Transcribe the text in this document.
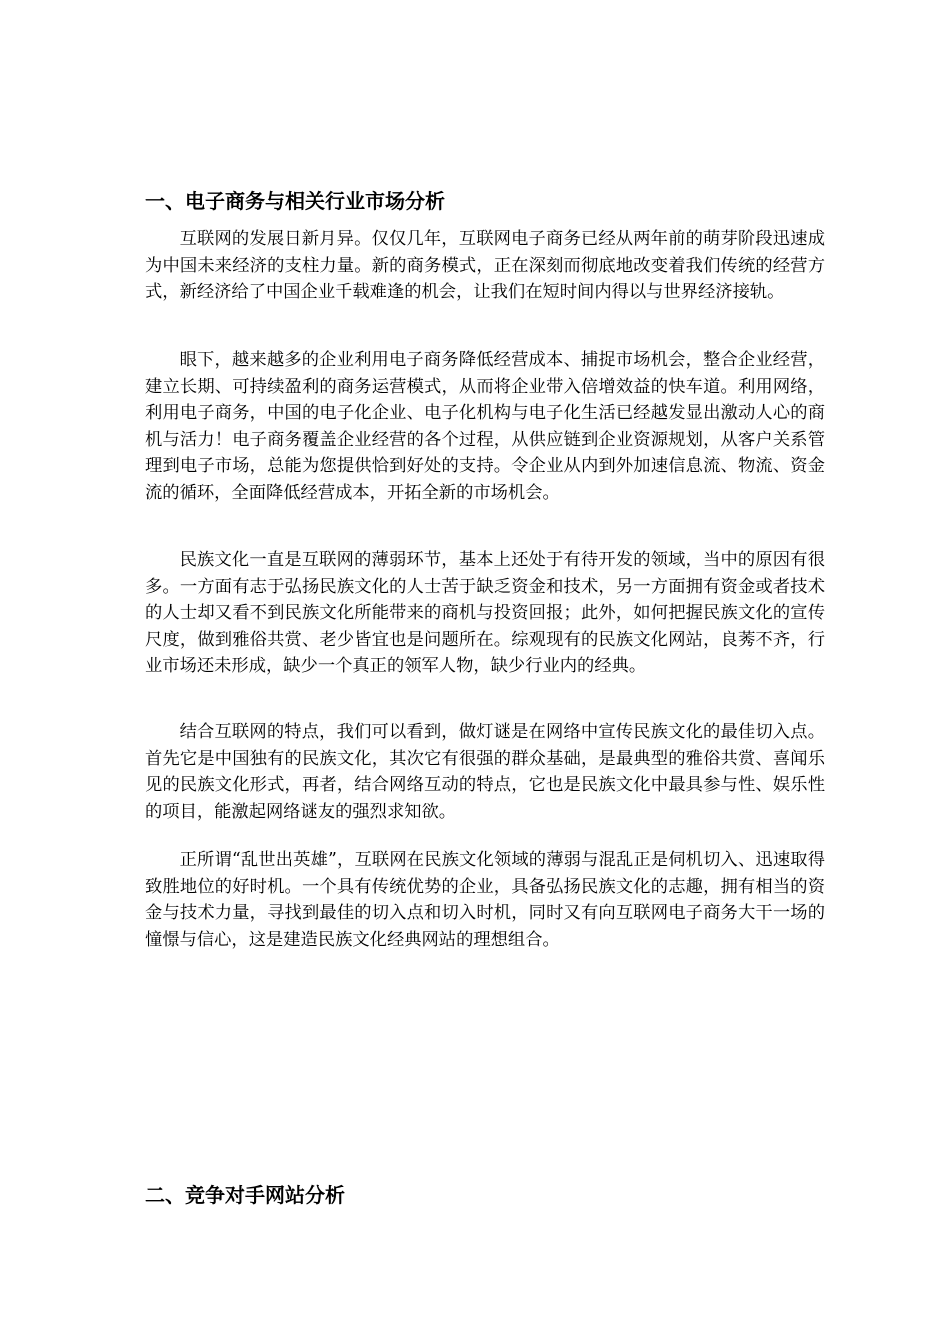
一、电子商务与相关行业市场分析

互联网的发展日新月异。仅仅几年，互联网电子商务已经从两年前的萌芽阶段迅速成为中国未来经济的支柱力量。新的商务模式，正在深刻而彻底地改变着我们传统的经营方式，新经济给了中国企业千载难逢的机会，让我们在短时间内得以与世界经济接轨。

眼下，越来越多的企业利用电子商务降低经营成本、捕捉市场机会，整合企业经营，建立长期、可持续盈利的商务运营模式，从而将企业带入倍增效益的快车道。利用网络，利用电子商务，中国的电子化企业、电子化机构与电子化生活已经越发显出激动人心的商机与活力！电子商务覆盖企业经营的各个过程，从供应链到企业资源规划，从客户关系管理到电子市场，总能为您提供恰到好处的支持。令企业从内到外加速信息流、物流、资金流的循环，全面降低经营成本，开拓全新的市场机会。

民族文化一直是互联网的薄弱环节，基本上还处于有待开发的领域，当中的原因有很多。一方面有志于弘扬民族文化的人士苦于缺乏资金和技术，另一方面拥有资金或者技术的人士却又看不到民族文化所能带来的商机与投资回报；此外，如何把握民族文化的宣传尺度，做到雅俗共赏、老少皆宜也是问题所在。综观现有的民族文化网站，良莠不齐，行业市场还未形成，缺少一个真正的领军人物，缺少行业内的经典。

结合互联网的特点，我们可以看到，做灯谜是在网络中宣传民族文化的最佳切入点。首先它是中国独有的民族文化，其次它有很强的群众基础，是最典型的雅俗共赏、喜闻乐见的民族文化形式，再者，结合网络互动的特点，它也是民族文化中最具参与性、娱乐性的项目，能激起网络谜友的强烈求知欲。

正所谓“乱世出英雄”，互联网在民族文化领域的薄弱与混乱正是伺机切入、迅速取得致胜地位的好时机。一个具有传统优势的企业，具备弘扬民族文化的志趣，拥有相当的资金与技术力量，寻找到最佳的切入点和切入时机，同时又有向互联网电子商务大干一场的憧憬与信心，这是建造民族文化经典网站的理想组合。

二、竞争对手网站分析
